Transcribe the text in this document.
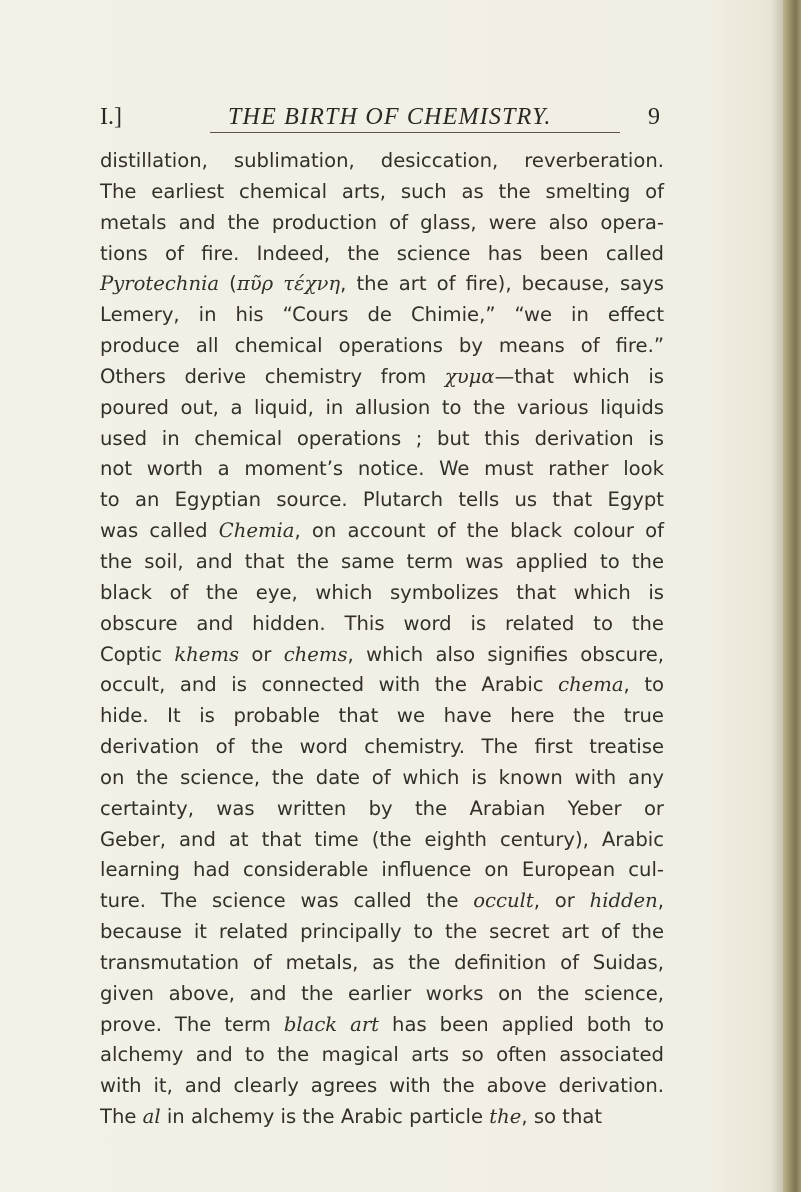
I.]	THE BIRTH OF CHEMISTRY.	9
distillation, sublimation, desiccation, reverberation.
The earliest chemical arts, such as the smelting of
metals and the production of glass, were also opera-
tions of fire. Indeed, the science has been called
Pyrotechnia (πῦρ τέχνη, the art of fire), because, says
Lemery, in his “Cours de Chimie,” “we in effect
produce all chemical operations by means of fire.”
Others derive chemistry from χυμα—that which is
poured out, a liquid, in allusion to the various liquids
used in chemical operations ; but this derivation is
not worth a moment’s notice. We must rather look
to an Egyptian source. Plutarch tells us that Egypt
was called Chemia, on account of the black colour of
the soil, and that the same term was applied to the
black of the eye, which symbolizes that which is
obscure and hidden. This word is related to the
Coptic khems or chems, which also signifies obscure,
occult, and is connected with the Arabic chema, to
hide. It is probable that we have here the true
derivation of the word chemistry. The first treatise
on the science, the date of which is known with any
certainty, was written by the Arabian Yeber or
Geber, and at that time (the eighth century), Arabic
learning had considerable influence on European cul-
ture. The science was called the occult, or hidden,
because it related principally to the secret art of the
transmutation of metals, as the definition of Suidas,
given above, and the earlier works on the science,
prove. The term black art has been applied both to
alchemy and to the magical arts so often associated
with it, and clearly agrees with the above derivation.
The al in alchemy is the Arabic particle the, so that
